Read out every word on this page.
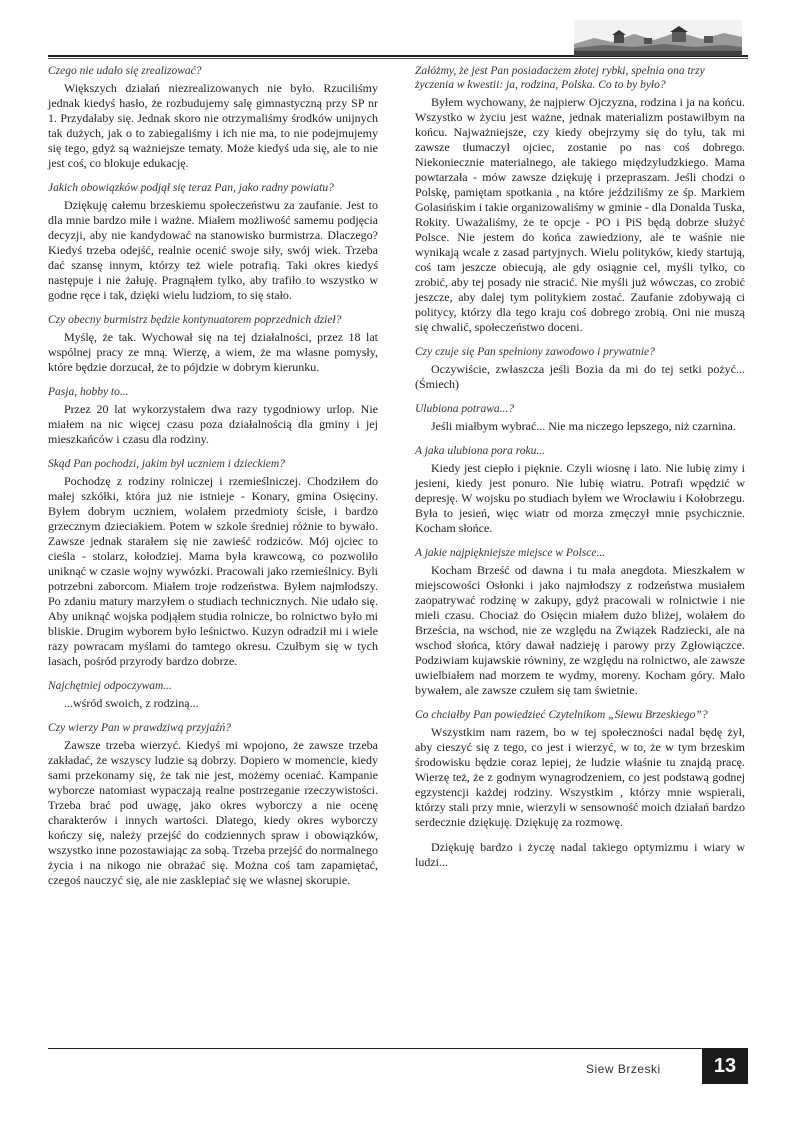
Czego nie udało się zrealizować?
Większych działań niezrealizowanych nie było. Rzuciliśmy jednak kiedyś hasło, że rozbudujemy salę gimnastyczną przy SP nr 1. Przydałaby się. Jednak skoro nie otrzymaliśmy środków unijnych tak dużych, jak o to zabiegaliśmy i ich nie ma, to nie podejmujemy się tego, gdyż są ważniejsze tematy. Może kiedyś uda się, ale to nie jest coś, co blokuje edukację.
Jakich obowiązków podjął się teraz Pan, jako radny powiatu?
Dziękuję całemu brzeskiemu społeczeństwu za zaufanie. Jest to dla mnie bardzo miłe i ważne. Miałem możliwość samemu podjęcia decyzji, aby nie kandydować na stanowisko burmistrza. Dlaczego? Kiedyś trzeba odejść, realnie ocenić swoje siły, swój wiek. Trzeba dać szansę innym, którzy też wiele potrafią. Taki okres kiedyś następuje i nie żałuję. Pragnąłem tylko, aby trafiło to wszystko w godne ręce i tak, dzięki wielu ludziom, to się stało.
Czy obecny burmistrz będzie kontynuatorem poprzednich dzieł?
Myślę, że tak. Wychował się na tej działalności, przez 18 lat wspólnej pracy ze mną. Wierzę, a wiem, że ma własne pomysły, które będzie dorzucał, że to pójdzie w dobrym kierunku.
Pasja, hobby to...
Przez 20 lat wykorzystałem dwa razy tygodniowy urlop. Nie miałem na nic więcej czasu poza działalnością dla gminy i jej mieszkańców i czasu dla rodziny.
Skąd Pan pochodzi, jakim był uczniem i dzieckiem?
Pochodzę z rodziny rolniczej i rzemieślniczej. Chodziłem do małej szkółki, która już nie istnieje - Konary, gmina Osięciny. Byłem dobrym uczniem, wolałem przedmioty ścisłe, i bardzo grzecznym dzieciakiem. Potem w szkole średniej różnie to bywało. Zawsze jednak starałem się nie zawieść rodziców. Mój ojciec to cieśla - stolarz, kołodziej. Mama była krawcową, co pozwoliło uniknąć w czasie wojny wywózki. Pracowali jako rzemieślnicy. Byli potrzebni zaborcom. Miałem troje rodzeństwa. Byłem najmłodszy. Po zdaniu matury marzyłem o studiach technicznych. Nie udało się. Aby uniknąć wojska podjąłem studia rolnicze, bo rolnictwo było mi bliskie. Drugim wyborem było leśnictwo. Kuzyn odradził mi i wiele razy powracam myślami do tamtego okresu. Czułbym się w tych lasach, pośród przyrody bardzo dobrze.
Najchętniej odpoczywam...
...wśród swoich, z rodziną...
Czy wierzy Pan w prawdziwą przyjaźń?
Zawsze trzeba wierzyć. Kiedyś mi wpojono, że zawsze trzeba zakładać, że wszyscy ludzie są dobrzy. Dopiero w momencie, kiedy sami przekonamy się, że tak nie jest, możemy oceniać. Kampanie wyborcze natomiast wypaczają realne postrzeganie rzeczywistości. Trzeba brać pod uwagę, jako okres wyborczy a nie ocenę charakterów i innych wartości. Dlatego, kiedy okres wyborczy kończy się, należy przejść do codziennych spraw i obowiązków, wszystko inne pozostawiając za sobą. Trzeba przejść do normalnego życia i na nikogo nie obrażać się. Można coś tam zapamiętać, czegoś nauczyć się, ale nie zasklepiać się we własnej skorupie.
Załóżmy, że jest Pan posiadaczem złotej rybki, spełnia ona trzy życzenia w kwestii: ja, rodzina, Polska. Co to by było?
Byłem wychowany, że najpierw Ojczyzna, rodzina i ja na końcu. Wszystko w życiu jest ważne, jednak materializm postawiłbym na końcu. Najważniejsze, czy kiedy obejrzymy się do tyłu, tak mi zawsze tłumaczył ojciec, zostanie po nas coś dobrego. Niekoniecznie materialnego, ale takiego międzyludzkiego. Mama powtarzała - mów zawsze dziękuję i przepraszam. Jeśli chodzi o Polskę, pamiętam spotkania , na które jeździliśmy ze śp. Markiem Golasińskim i takie organizowaliśmy w gminie - dla Donalda Tuska, Rokity. Uważaliśmy, że te opcje - PO i PiS będą dobrze służyć Polsce. Nie jestem do końca zawiedziony, ale te waśnie nie wynikają wcale z zasad partyjnych. Wielu polityków, kiedy startują, coś tam jeszcze obiecują, ale gdy osiągnie cel, myśli tylko, co zrobić, aby tej posady nie stracić. Nie myśli już wówczas, co zrobić jeszcze, aby dalej tym politykiem zostać. Zaufanie zdobywają ci politycy, którzy dla tego kraju coś dobrego zrobią. Oni nie muszą się chwalić, społeczeństwo doceni.
Czy czuje się Pan spełniony zawodowo i prywatnie?
Oczywiście, zwłaszcza jeśli Bozia da mi do tej setki pożyć... (Śmiech)
Ulubiona potrawa...?
Jeśli miałbym wybrać... Nie ma niczego lepszego, niż czarnina.
A jaka ulubiona pora roku...
Kiedy jest ciepło i pięknie. Czyli wiosnę i lato. Nie lubię zimy i jesieni, kiedy jest ponuro. Nie lubię wiatru. Potrafi wpędzić w depresję. W wojsku po studiach byłem we Wrocławiu i Kołobrzegu. Była to jesień, więc wiatr od morza zmęczył mnie psychicznie. Kocham słońce.
A jakie najpiękniejsze miejsce w Polsce...
Kocham Brześć od dawna i tu mała anegdota. Mieszkałem w miejscowości Osłonki i jako najmłodszy z rodzeństwa musiałem zaopatrywać rodzinę w zakupy, gdyż pracowali w rolnictwie i nie mieli czasu. Chociaż do Osięcin miałem dużo bliżej, wolałem do Brześcia, na wschod, nie ze względu na Związek Radziecki, ale na wschod słońca, który dawał nadzieję i parowy przy Zgłowiączce. Podziwiam kujawskie równiny, ze względu na rolnictwo, ale zawsze uwielbiałem nad morzem te wydmy, moreny. Kocham góry. Mało bywałem, ale zawsze czułem się tam świetnie.
Co chciałby Pan powiedzieć Czytelnikom „Siewu Brzeskiego”?
Wszystkim nam razem, bo w tej społeczności nadal będę żył, aby cieszyć się z tego, co jest i wierzyć, w to, że w tym brzeskim środowisku będzie coraz lepiej, że ludzie właśnie tu znajdą pracę. Wierzę też, że z godnym wynagrodzeniem, co jest podstawą godnej egzystencji każdej rodziny. Wszystkim , którzy mnie wspierali, którzy stali przy mnie, wierzyli w sensowność moich działań bardzo serdecznie dziękuję. Dziękuję za rozmowę.
Dziękuję bardzo i życzę nadal takiego optymizmu i wiary w ludzi...
Siew Brzeski	13
